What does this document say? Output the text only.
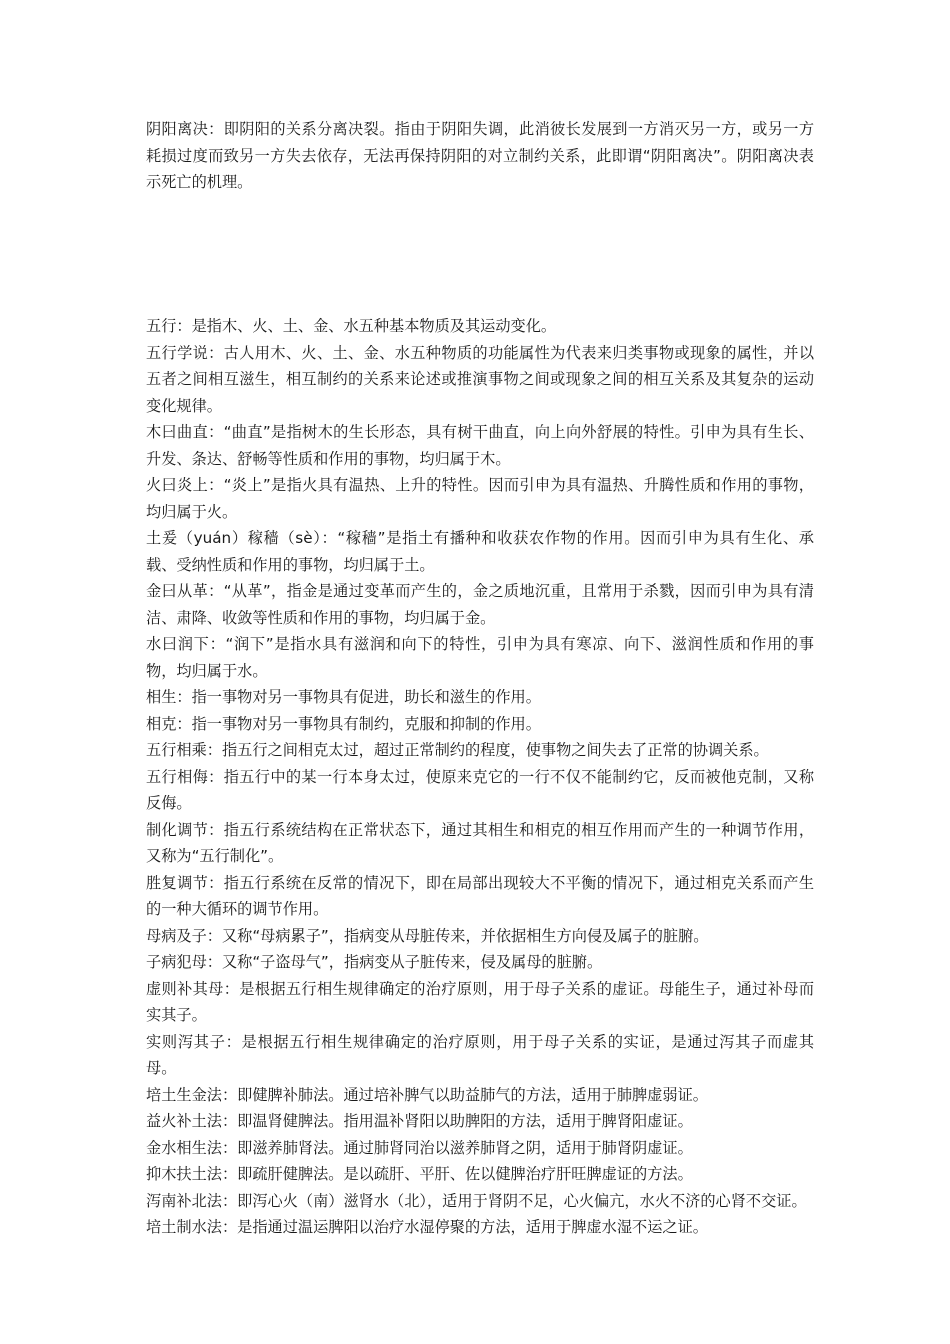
阴阳离决：即阴阳的关系分离决裂。指由于阴阳失调，此消彼长发展到一方消灭另一方，或另一方耗损过度而致另一方失去依存，无法再保持阴阳的对立制约关系，此即谓“阴阳离决”。阴阳离决表示死亡的机理。

五行：是指木、火、土、金、水五种基本物质及其运动变化。

五行学说：古人用木、火、土、金、水五种物质的功能属性为代表来归类事物或现象的属性，并以五者之间相互滋生，相互制约的关系来论述或推演事物之间或现象之间的相互关系及其复杂的运动变化规律。

木曰曲直：“曲直”是指树木的生长形态，具有树干曲直，向上向外舒展的特性。引申为具有生长、升发、条达、舒畅等性质和作用的事物，均归属于木。

火曰炎上：“炎上”是指火具有温热、上升的特性。因而引申为具有温热、升腾性质和作用的事物，均归属于火。

土爰（yuán）稼穑（sè）：“稼穑”是指土有播种和收获农作物的作用。因而引申为具有生化、承载、受纳性质和作用的事物，均归属于土。

金曰从革：“从革”，指金是通过变革而产生的，金之质地沉重，且常用于杀戮，因而引申为具有清洁、肃降、收敛等性质和作用的事物，均归属于金。

水曰润下：“润下”是指水具有滋润和向下的特性，引申为具有寒凉、向下、滋润性质和作用的事物，均归属于水。

相生：指一事物对另一事物具有促进，助长和滋生的作用。

相克：指一事物对另一事物具有制约，克服和抑制的作用。

五行相乘：指五行之间相克太过，超过正常制约的程度，使事物之间失去了正常的协调关系。

五行相侮：指五行中的某一行本身太过，使原来克它的一行不仅不能制约它，反而被他克制，又称反侮。

制化调节：指五行系统结构在正常状态下，通过其相生和相克的相互作用而产生的一种调节作用，又称为“五行制化”。

胜复调节：指五行系统在反常的情况下，即在局部出现较大不平衡的情况下，通过相克关系而产生的一种大循环的调节作用。

母病及子：又称“母病累子”，指病变从母脏传来，并依据相生方向侵及属子的脏腑。

子病犯母：又称“子盗母气”，指病变从子脏传来，侵及属母的脏腑。

虚则补其母：是根据五行相生规律确定的治疗原则，用于母子关系的虚证。母能生子，通过补母而实其子。

实则泻其子：是根据五行相生规律确定的治疗原则，用于母子关系的实证，是通过泻其子而虚其母。

培土生金法：即健脾补肺法。通过培补脾气以助益肺气的方法，适用于肺脾虚弱证。

益火补土法：即温肾健脾法。指用温补肾阳以助脾阳的方法，适用于脾肾阳虚证。

金水相生法：即滋养肺肾法。通过肺肾同治以滋养肺肾之阴，适用于肺肾阴虚证。

抑木扶土法：即疏肝健脾法。是以疏肝、平肝、佐以健脾治疗肝旺脾虚证的方法。

泻南补北法：即泻心火（南）滋肾水（北），适用于肾阴不足，心火偏亢，水火不济的心肾不交证。

培土制水法：是指通过温运脾阳以治疗水湿停聚的方法，适用于脾虚水湿不运之证。
